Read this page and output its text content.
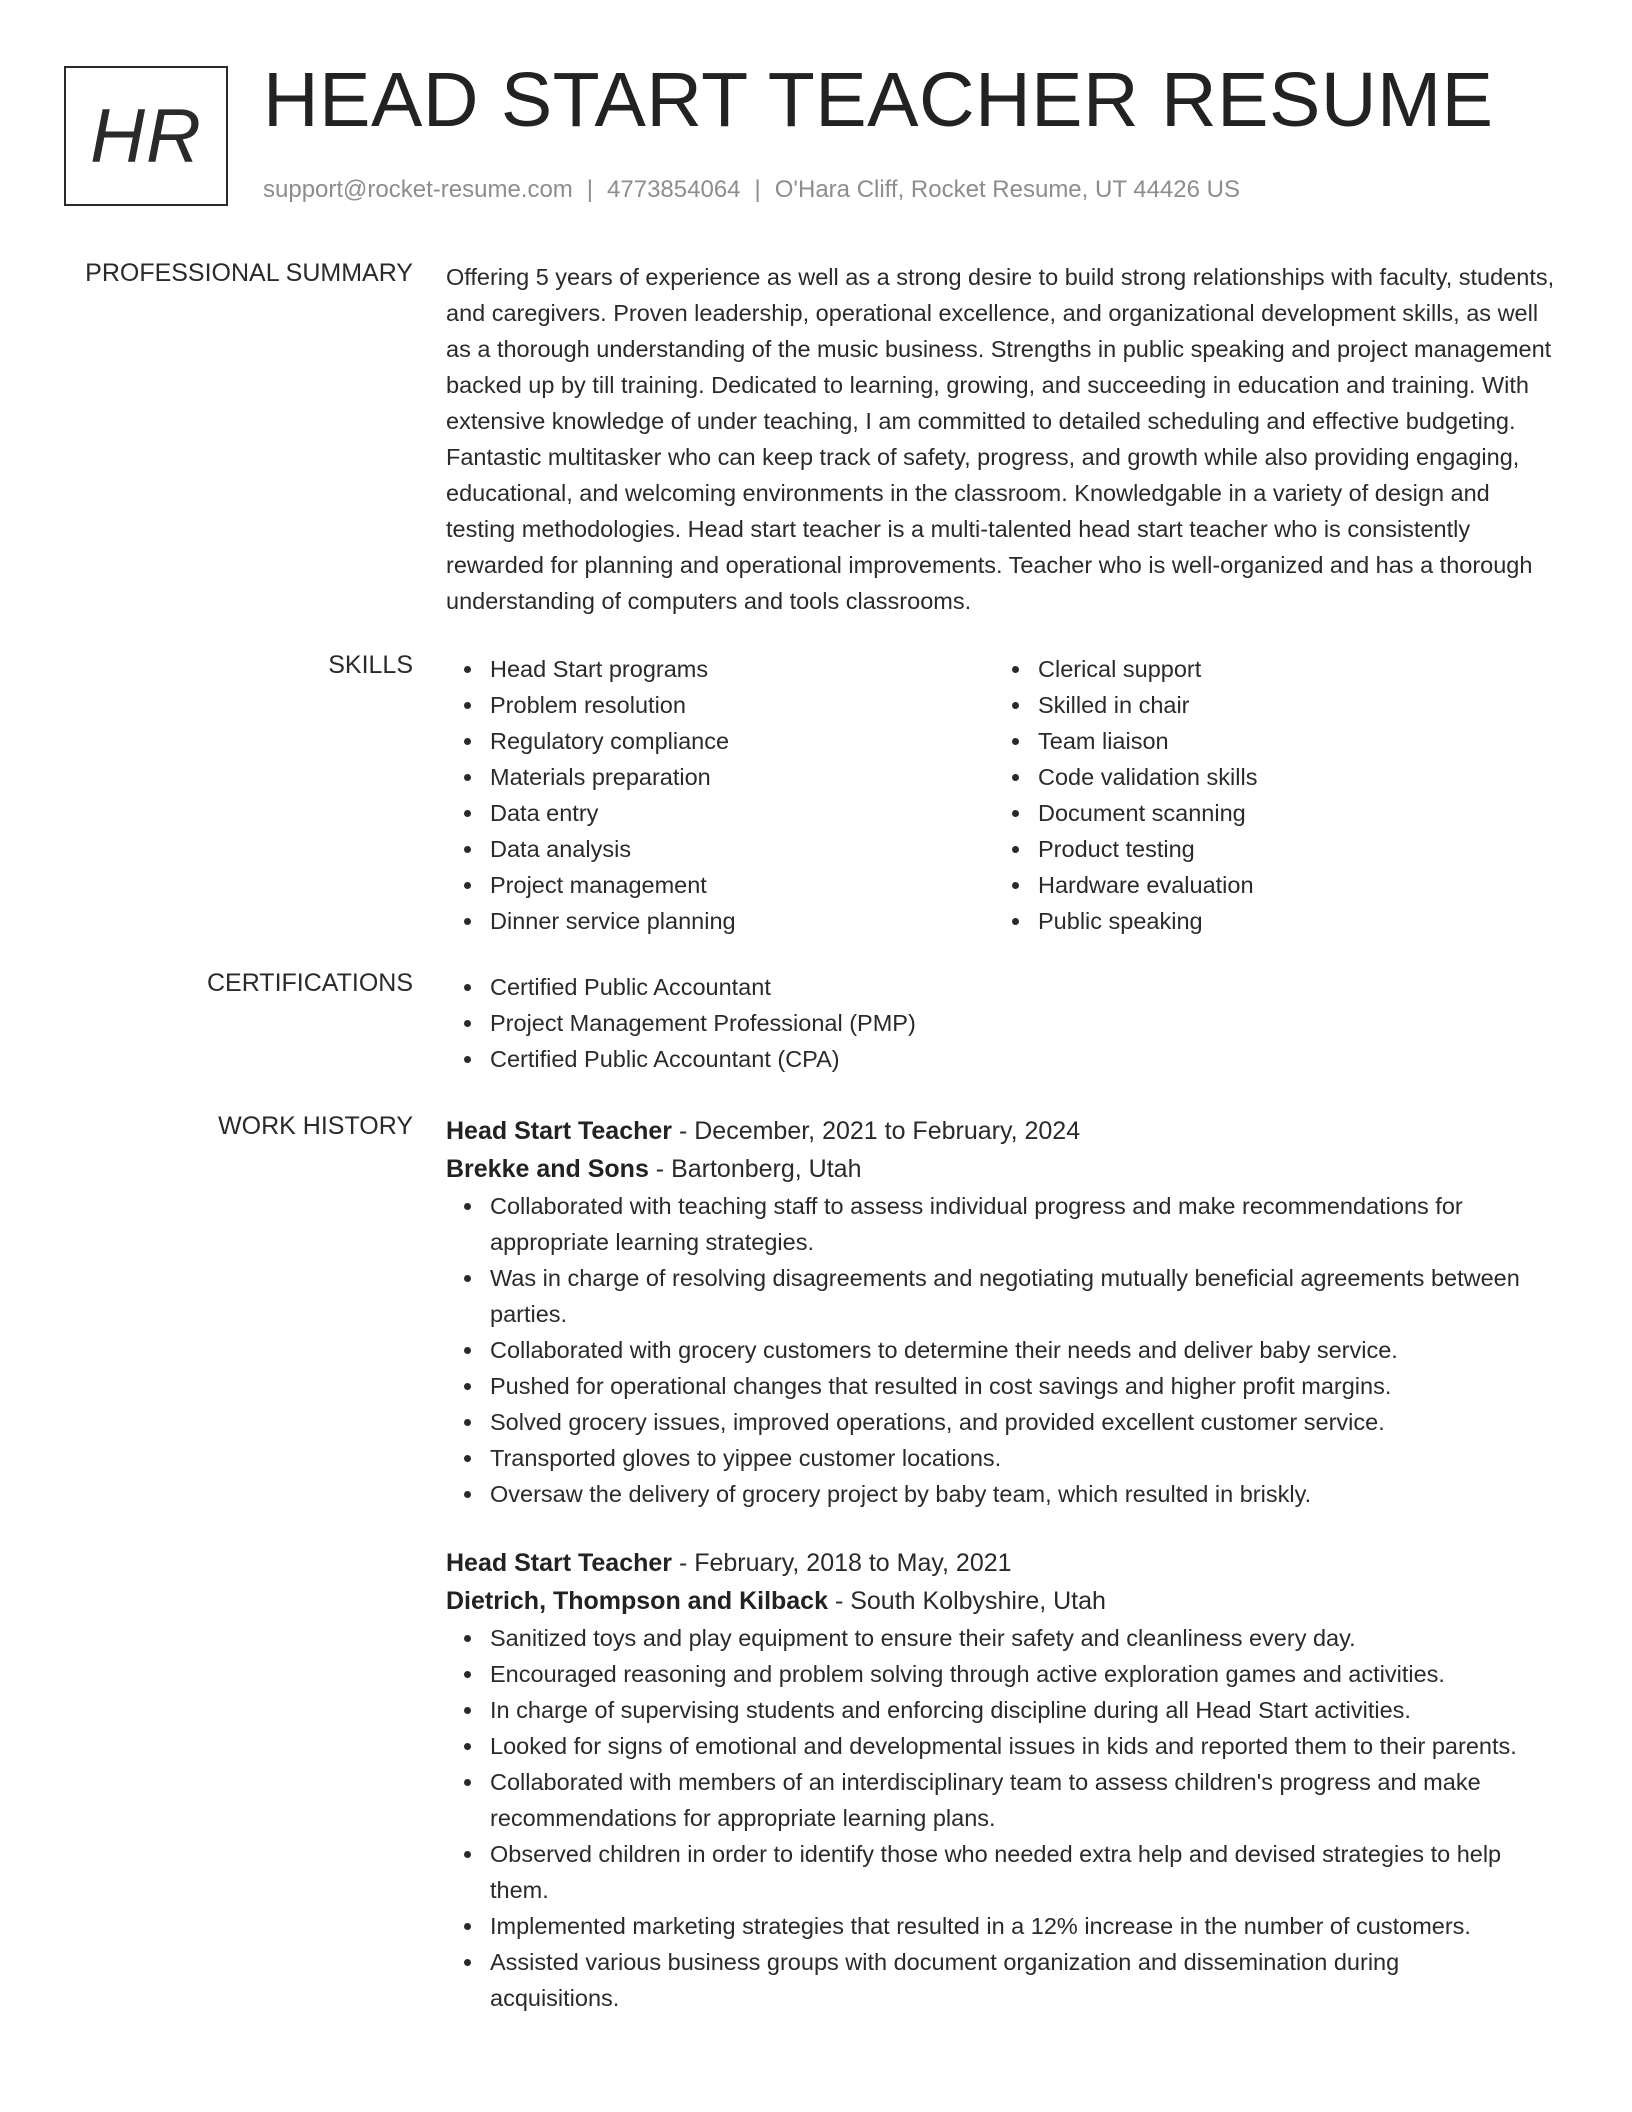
HR HEAD START TEACHER RESUME
support@rocket-resume.com | 4773854064 | O'Hara Cliff, Rocket Resume, UT 44426 US
PROFESSIONAL SUMMARY Offering 5 years of experience as well as a strong desire to build strong relationships with faculty, students, and caregivers. Proven leadership, operational excellence, and organizational development skills, as well as a thorough understanding of the music business. Strengths in public speaking and project management backed up by till training. Dedicated to learning, growing, and succeeding in education and training. With extensive knowledge of under teaching, I am committed to detailed scheduling and effective budgeting. Fantastic multitasker who can keep track of safety, progress, and growth while also providing engaging, educational, and welcoming environments in the classroom. Knowledgable in a variety of design and testing methodologies. Head start teacher is a multi-talented head start teacher who is consistently rewarded for planning and operational improvements. Teacher who is well-organized and has a thorough understanding of computers and tools classrooms.

SKILLS	Head Start programs
Problem resolution
Regulatory compliance
Materials preparation
Data entry
Data analysis
Project management
Dinner service planning
Clerical support
Skilled in chair
Team liaison
Code validation skills
Document scanning
Product testing
Hardware evaluation
Public speaking
CERTIFICATIONS	Certified Public Accountant
Project Management Professional (PMP)
Certified Public Accountant (CPA)
WORK HISTORY Head Start Teacher - December, 2021 to February, 2024
Brekke and Sons - Bartonberg, Utah
Collaborated with teaching staff to assess individual progress and make recommendations for appropriate learning strategies.
Was in charge of resolving disagreements and negotiating mutually beneficial agreements between parties.
Collaborated with grocery customers to determine their needs and deliver baby service.
Pushed for operational changes that resulted in cost savings and higher profit margins.
Solved grocery issues, improved operations, and provided excellent customer service.
Transported gloves to yippee customer locations.
Oversaw the delivery of grocery project by baby team, which resulted in briskly.
Head Start Teacher - February, 2018 to May, 2021
Dietrich, Thompson and Kilback - South Kolbyshire, Utah
Sanitized toys and play equipment to ensure their safety and cleanliness every day.
Encouraged reasoning and problem solving through active exploration games and activities.
In charge of supervising students and enforcing discipline during all Head Start activities.
Looked for signs of emotional and developmental issues in kids and reported them to their parents.
Collaborated with members of an interdisciplinary team to assess children's progress and make recommendations for appropriate learning plans.
Observed children in order to identify those who needed extra help and devised strategies to help them.
Implemented marketing strategies that resulted in a 12% increase in the number of customers.
Assisted various business groups with document organization and dissemination during acquisitions.
